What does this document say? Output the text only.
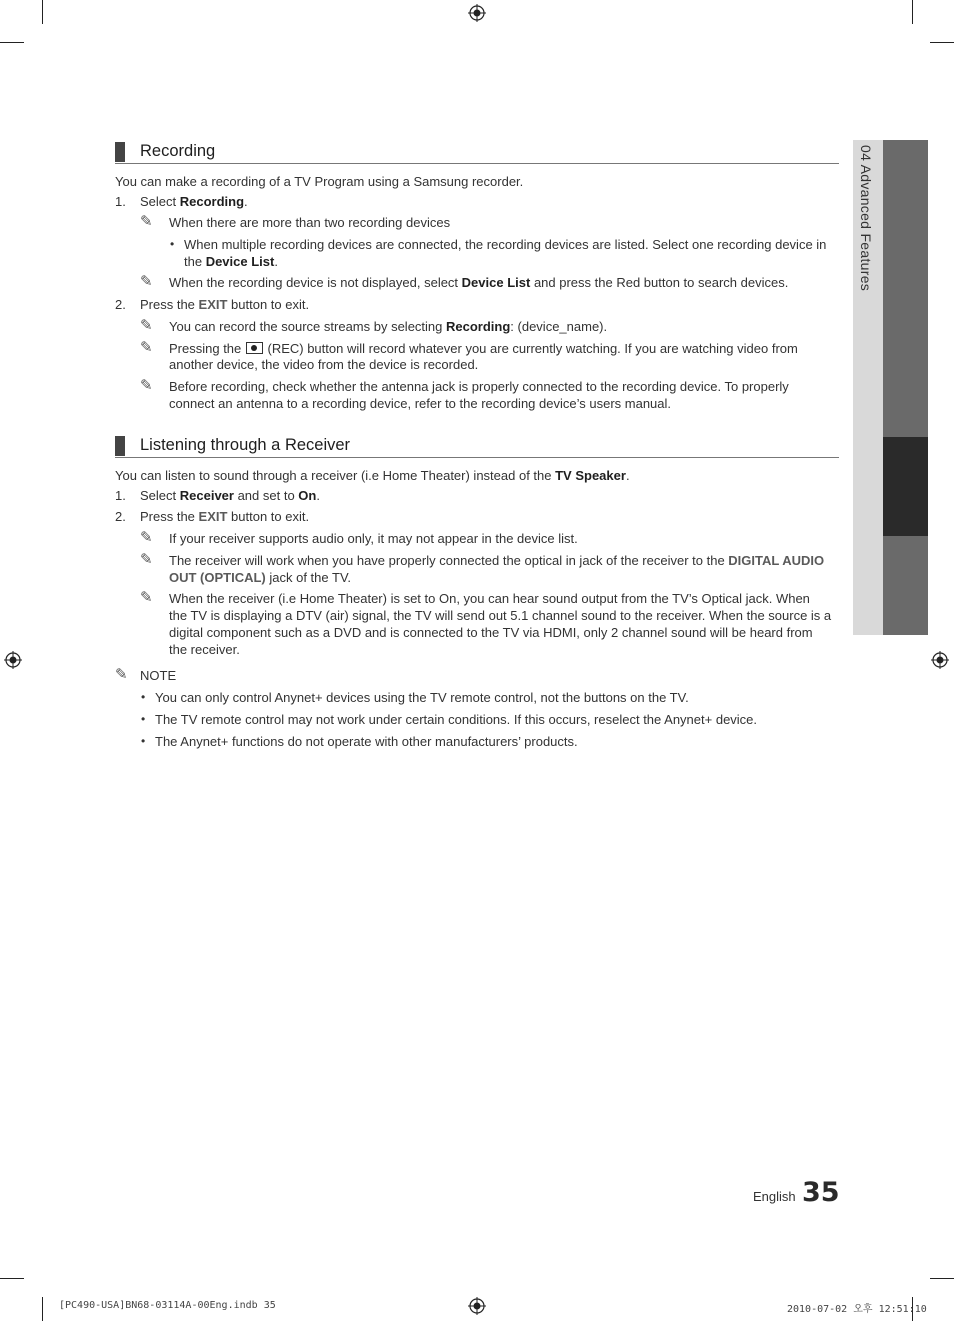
04 Advanced Features
Recording
You can make a recording of a TV Program using a Samsung recorder.
1. Select Recording.
✎ When there are more than two recording devices
• When multiple recording devices are connected, the recording devices are listed. Select one recording device in
the Device List.
✎ When the recording device is not displayed, select Device List and press the Red button to search devices.
2. Press the EXIT button to exit.
✎ You can record the source streams by selecting Recording: (device_name).
✎ Pressing the  (REC) button will record whatever you are currently watching. If you are watching video from
another device, the video from the device is recorded.
✎ Before recording, check whether the antenna jack is properly connected to the recording device. To properly
connect an antenna to a recording device, refer to the recording device’s users manual.
Listening through a Receiver
You can listen to sound through a receiver (i.e Home Theater) instead of the TV Speaker.
1. Select Receiver and set to On.
2. Press the EXIT button to exit.
✎ If your receiver supports audio only, it may not appear in the device list.
✎ The receiver will work when you have properly connected the optical in jack of the receiver to the DIGITAL AUDIO
OUT (OPTICAL) jack of the TV.
✎ When the receiver (i.e Home Theater) is set to On, you can hear sound output from the TV’s Optical jack. When
the TV is displaying a DTV (air) signal, the TV will send out 5.1 channel sound to the receiver. When the source is a
digital component such as a DVD and is connected to the TV via HDMI, only 2 channel sound will be heard from
the receiver.
✎ NOTE
• You can only control Anynet+ devices using the TV remote control, not the buttons on the TV.
• The TV remote control may not work under certain conditions. If this occurs, reselect the Anynet+ device.
• The Anynet+ functions do not operate with other manufacturers’ products.
English 35
[PC490-USA]BN68-03114A-00Eng.indb 35	2010-07-02 오후 12:51:10
